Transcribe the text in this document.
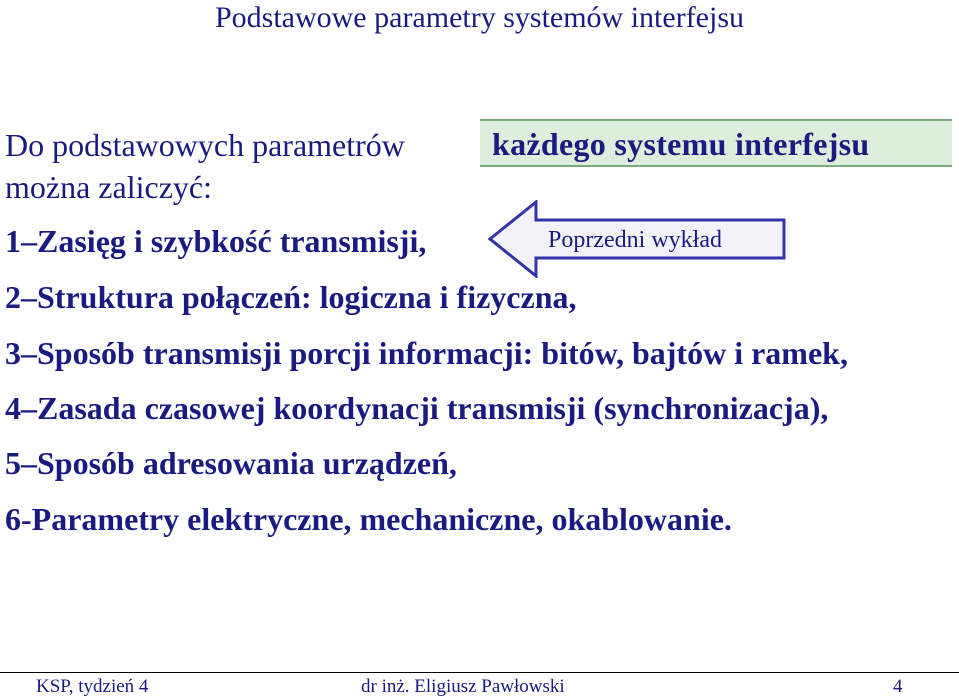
Podstawowe parametry systemów interfejsu
Do podstawowych parametrów	każdego systemu interfejsu
można zaliczyć:
Poprzedni wykład
1–Zasięg i szybkość transmisji,
2–Struktura połączeń: logiczna i fizyczna,
3–Sposób transmisji porcji informacji: bitów, bajtów i ramek,
4–Zasada czasowej koordynacji transmisji (synchronizacja),
5–Sposób adresowania urządzeń,
6-Parametry elektryczne, mechaniczne, okablowanie.
KSP, tydzień 4	dr inż. Eligiusz Pawłowski	4
